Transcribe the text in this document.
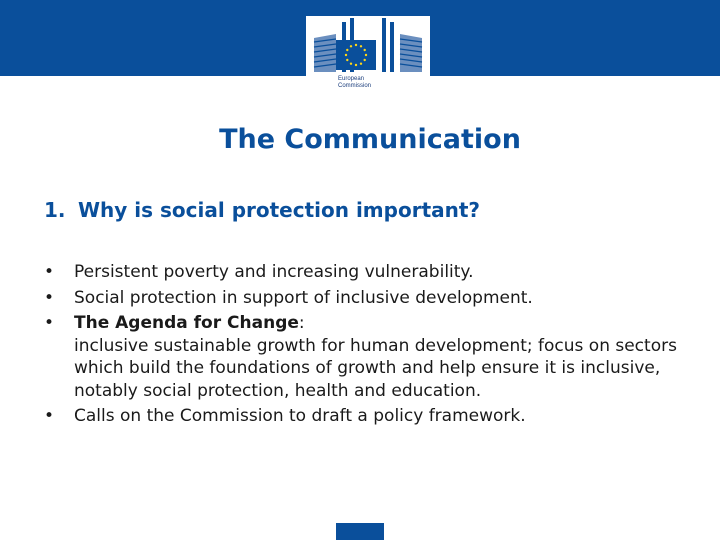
European
Commission
The Communication
1. Why is social protection important?
• Persistent poverty and increasing vulnerability.
• Social protection in support of inclusive development.
• The Agenda for Change:
inclusive sustainable growth for human development; focus on sectors which build the foundations of growth and help ensure it is inclusive, notably social protection, health and education.
• Calls on the Commission to draft a policy framework.
